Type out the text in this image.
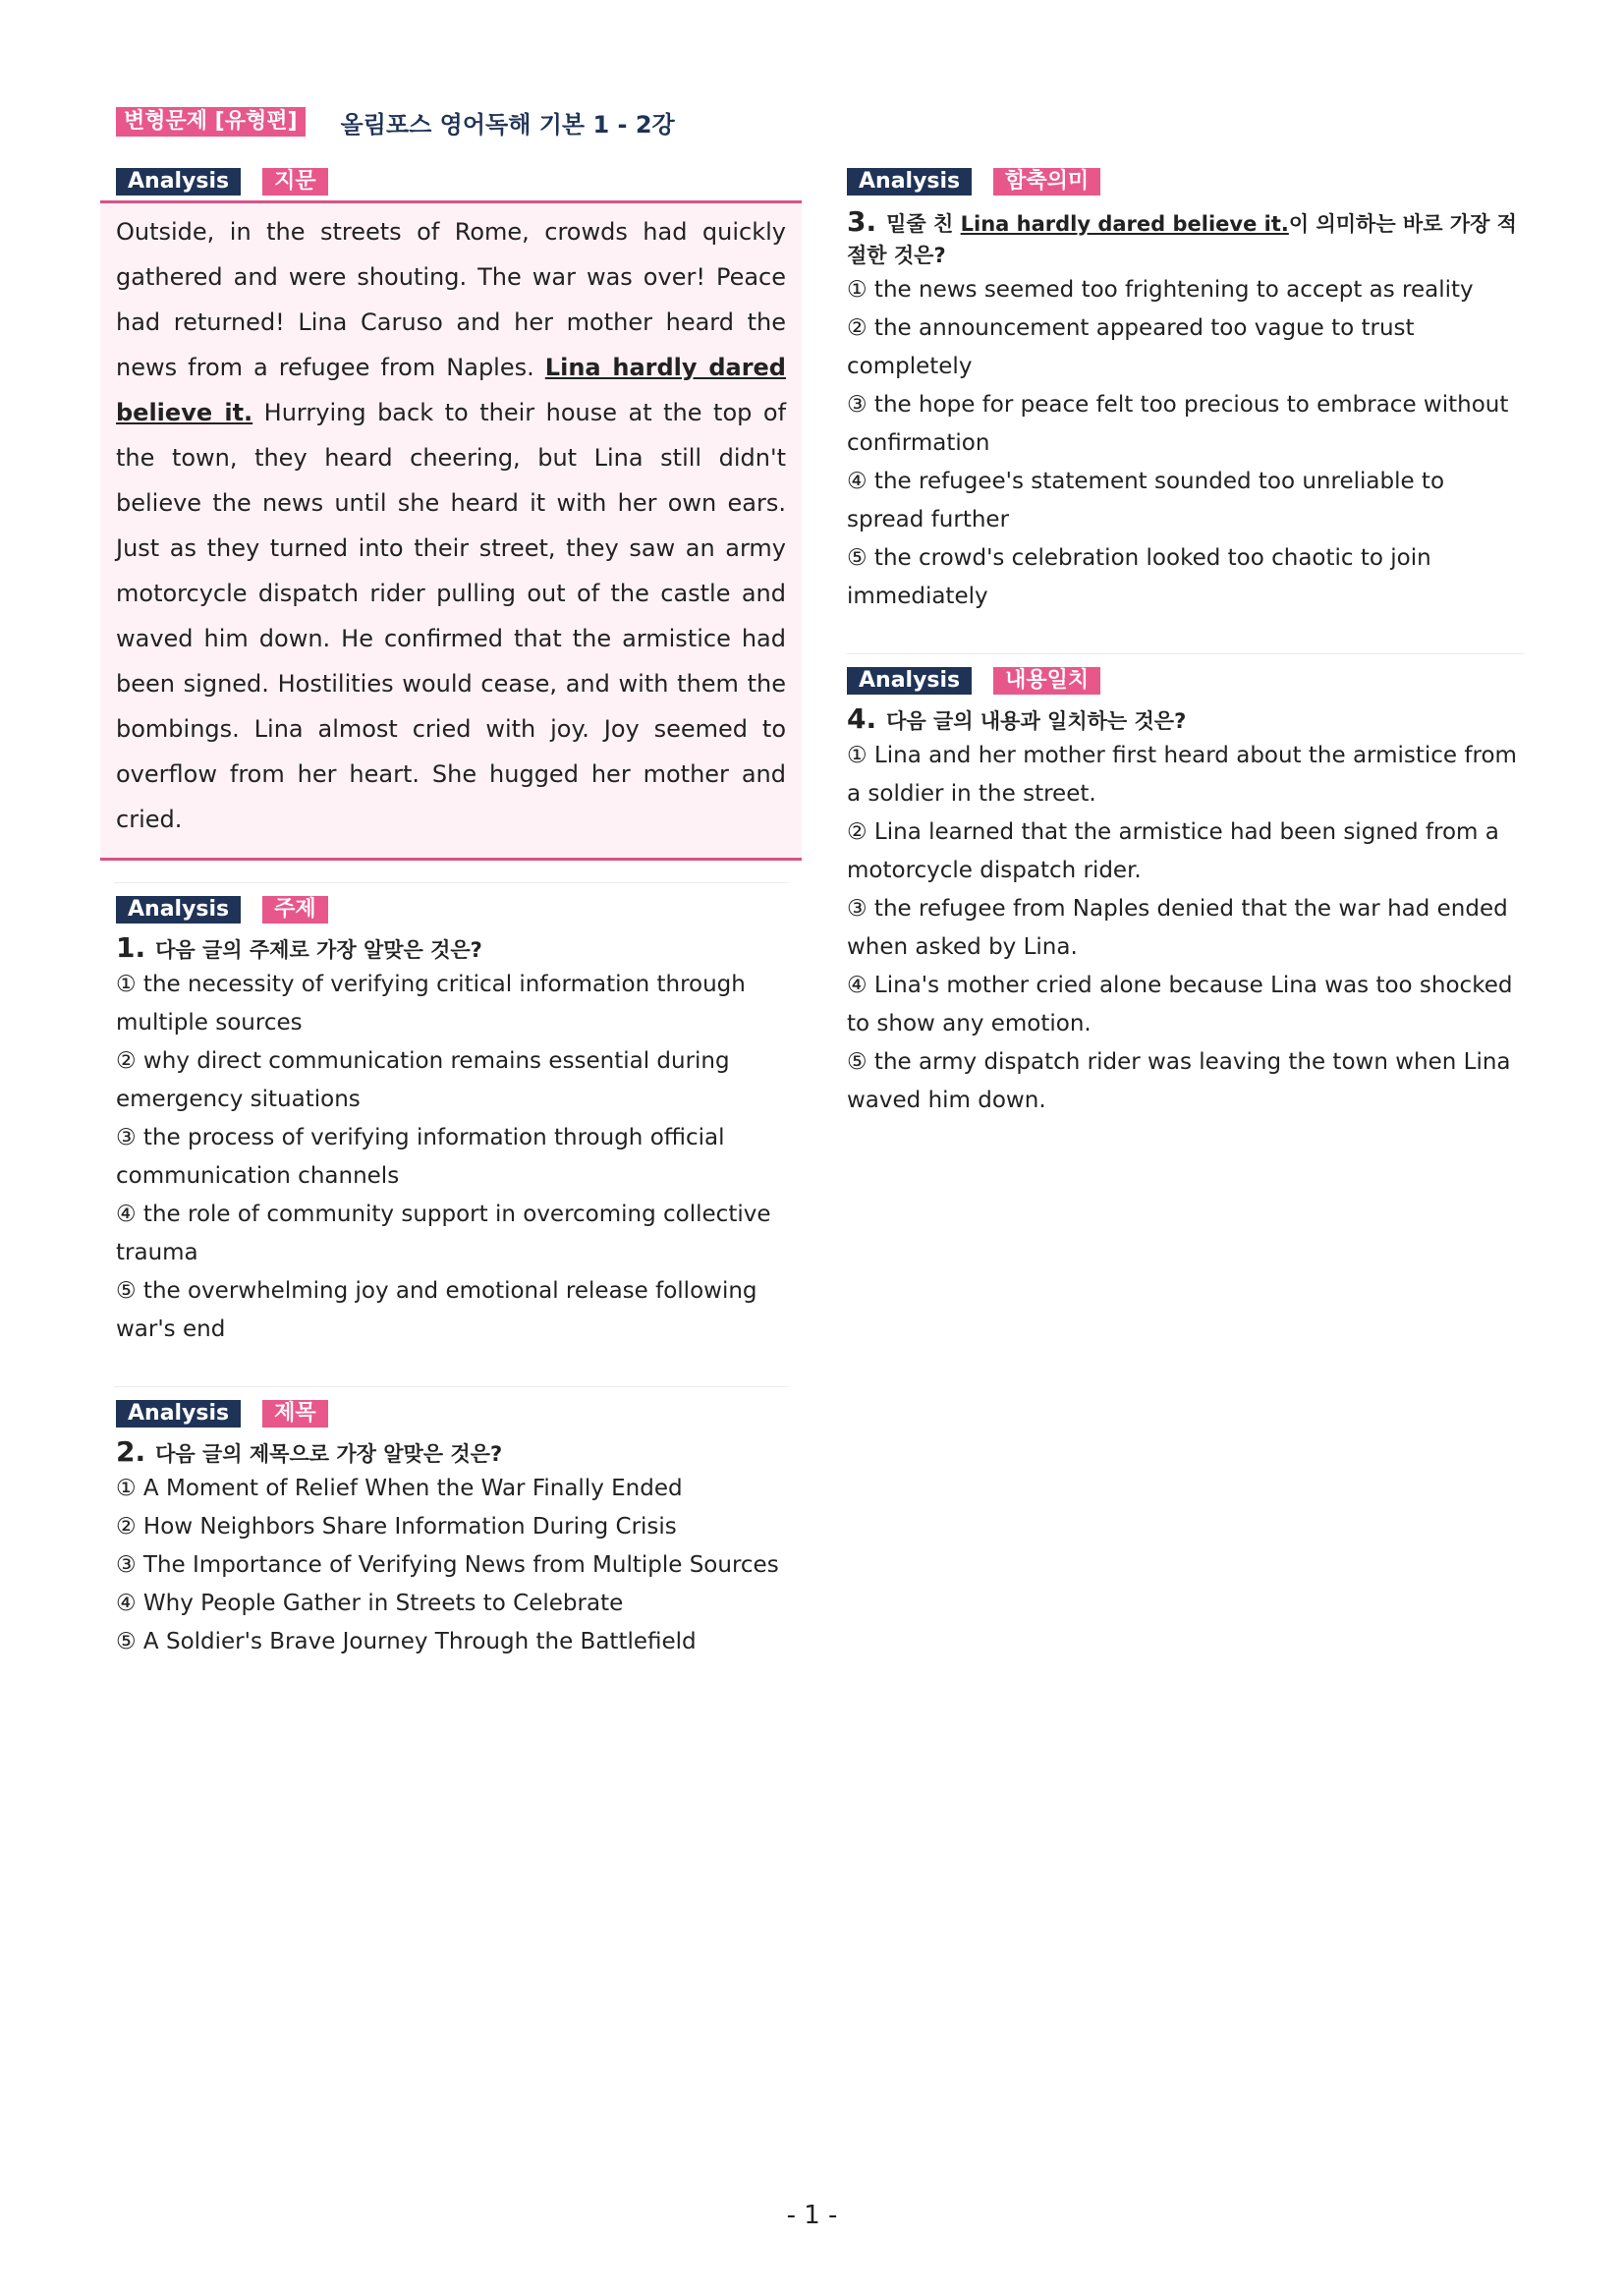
변형문제 [유형편]	올림포스 영어독해 기본 1 - 2강
Analysis	지문

Outside, in the streets of Rome, crowds had quickly gathered and were shouting. The war was over! Peace had returned! Lina Caruso and her mother heard the news from a refugee from Naples. Lina hardly dared believe it. Hurrying back to their house at the top of the town, they heard cheering, but Lina still didn't believe the news until she heard it with her own ears. Just as they turned into their street, they saw an army motorcycle dispatch rider pulling out of the castle and waved him down. He confirmed that the armistice had been signed. Hostilities would cease, and with them the bombings. Lina almost cried with joy. Joy seemed to overflow from her heart. She hugged her mother and cried.

Analysis	주제
1. 다음 글의 주제로 가장 알맞은 것은?

① the necessity of verifying critical information through multiple sources

② why direct communication remains essential during emergency situations

③ the process of verifying information through official communication channels

④ the role of community support in overcoming collective trauma

⑤ the overwhelming joy and emotional release following war's end

Analysis	제목
2. 다음 글의 제목으로 가장 알맞은 것은?

① A Moment of Relief When the War Finally Ended

② How Neighbors Share Information During Crisis

③ The Importance of Verifying News from Multiple Sources

④ Why People Gather in Streets to Celebrate

⑤ A Soldier's Brave Journey Through the Battlefield

Analysis	함축의미
3. 밑줄 친 Lina hardly dared believe it.이 의미하는 바로 가장 적절한 것은?

① the news seemed too frightening to accept as reality

② the announcement appeared too vague to trust completely

③ the hope for peace felt too precious to embrace without confirmation

④ the refugee's statement sounded too unreliable to spread further

⑤ the crowd's celebration looked too chaotic to join immediately

Analysis	내용일치
4. 다음 글의 내용과 일치하는 것은?

① Lina and her mother first heard about the armistice from a soldier in the street.

② Lina learned that the armistice had been signed from a motorcycle dispatch rider.

③ the refugee from Naples denied that the war had ended when asked by Lina.

④ Lina's mother cried alone because Lina was too shocked to show any emotion.

⑤ the army dispatch rider was leaving the town when Lina waved him down.

- 1 -
